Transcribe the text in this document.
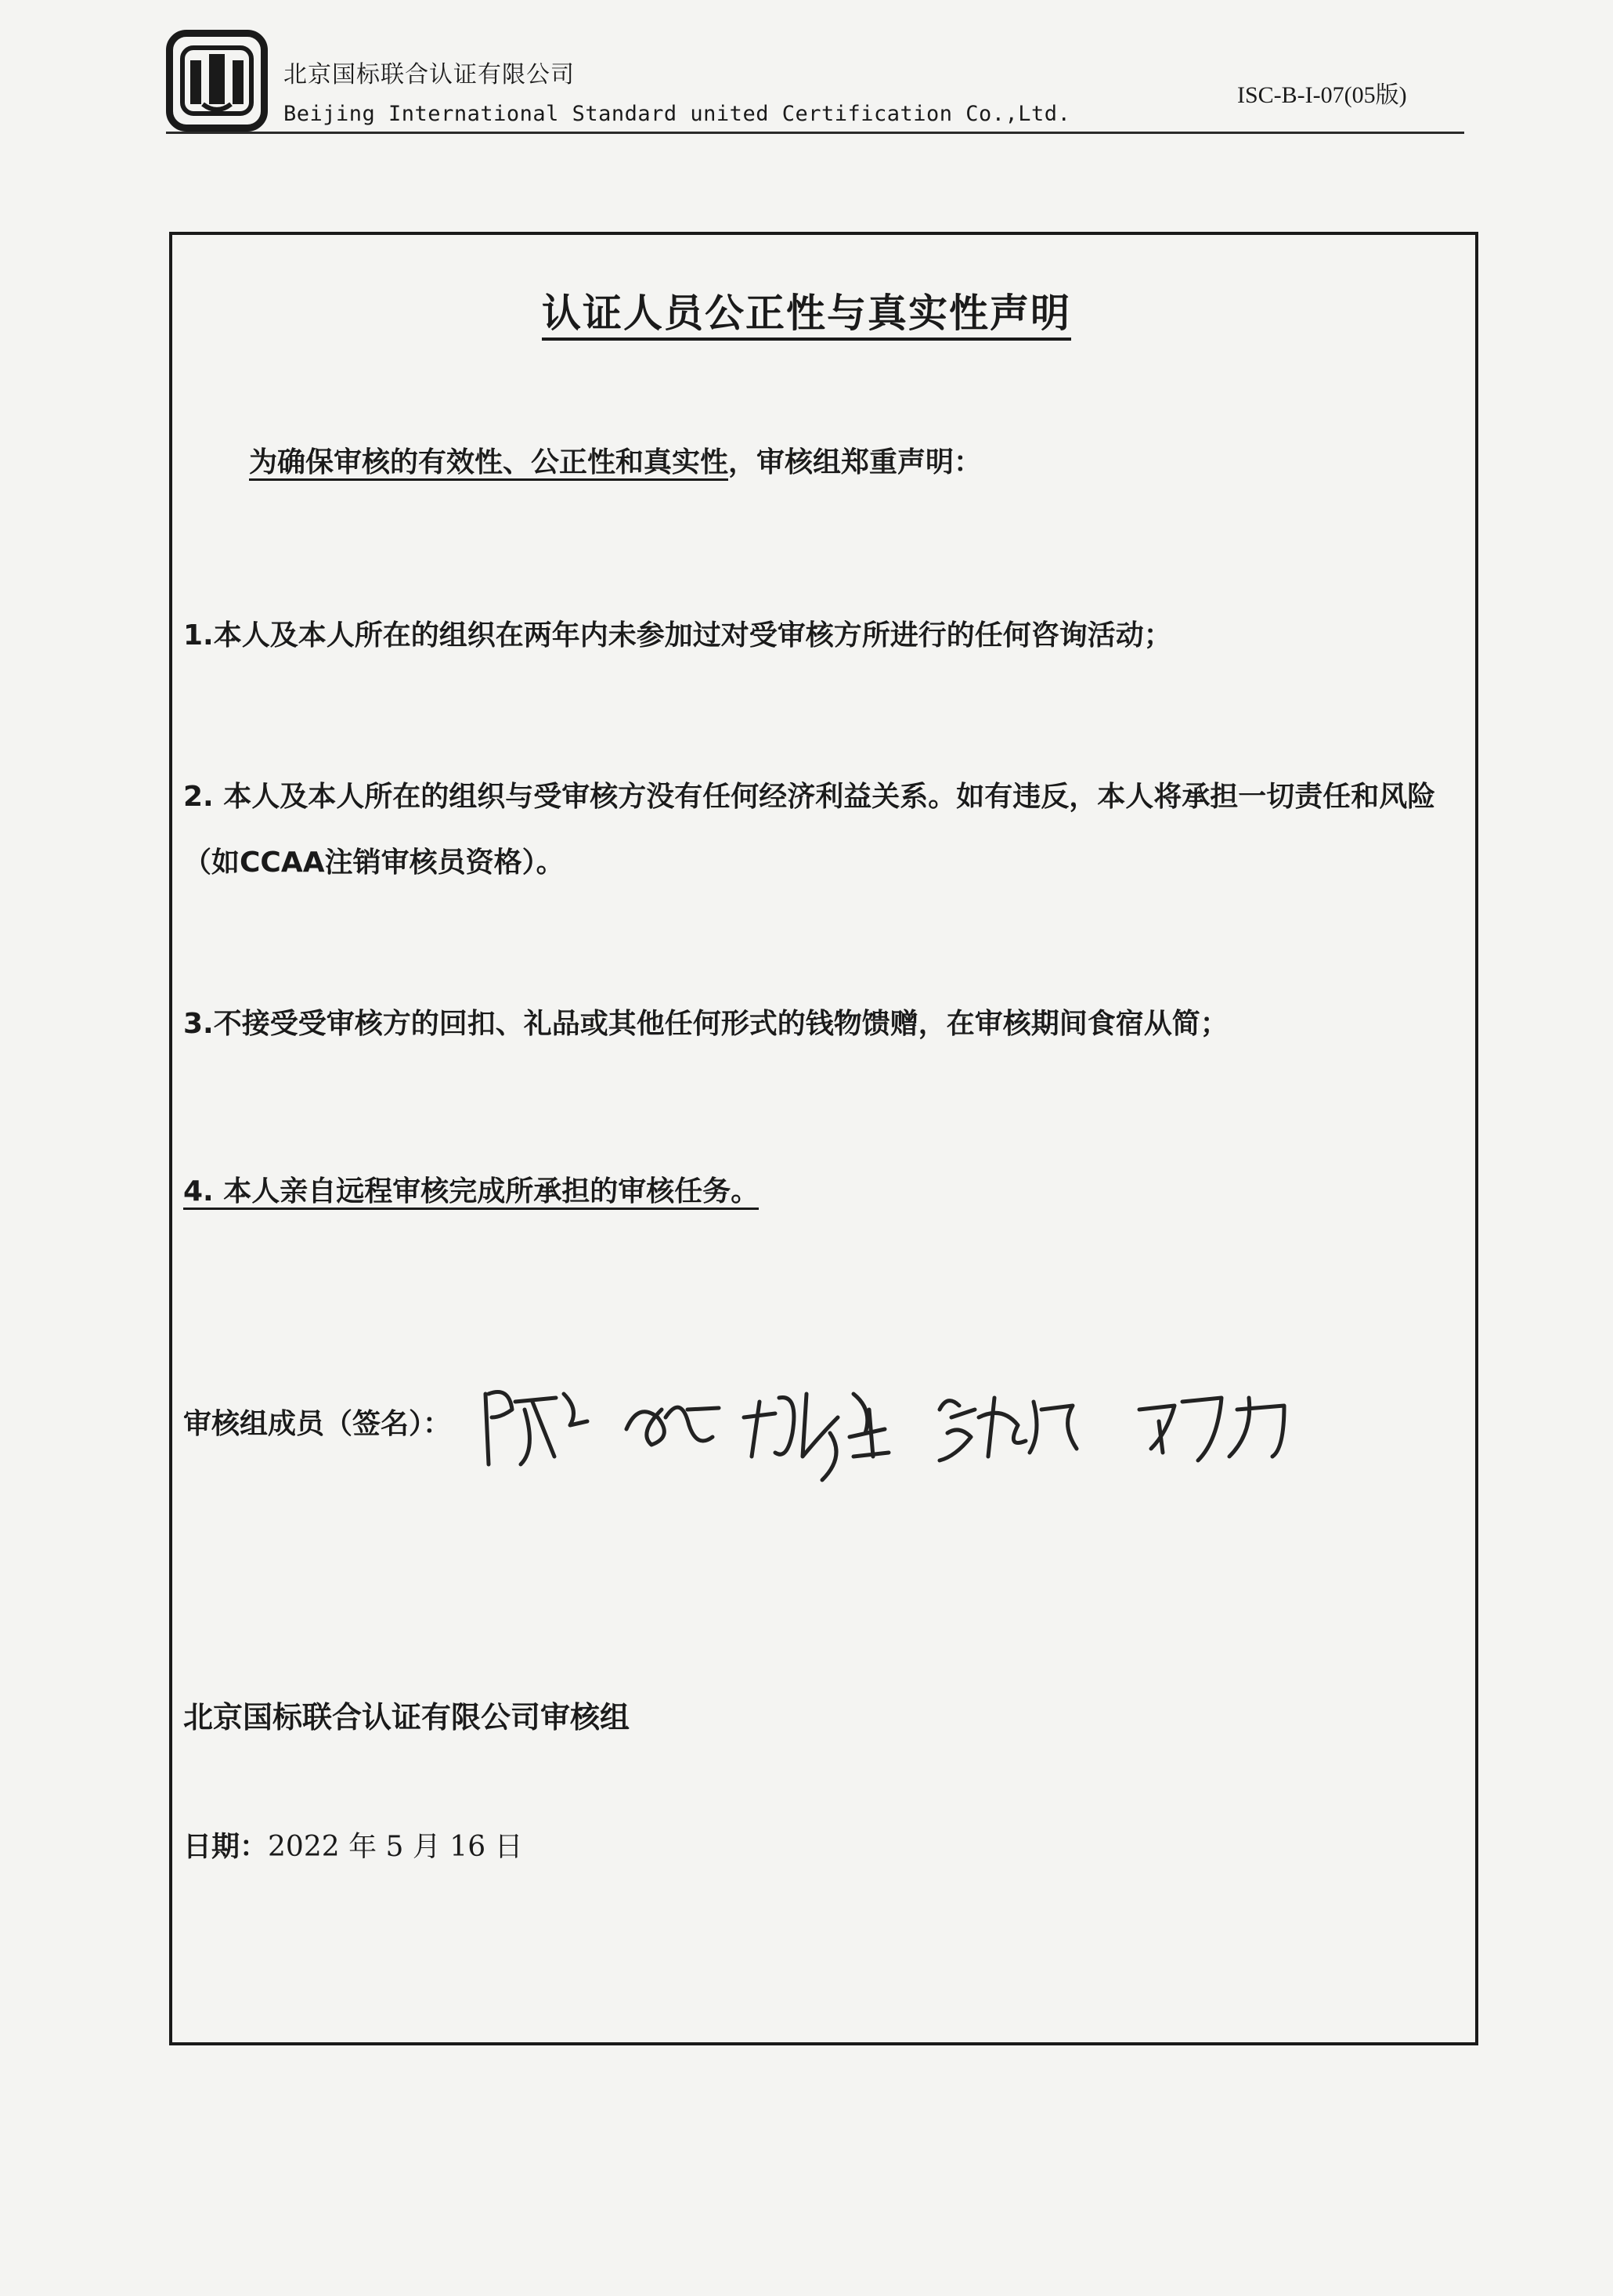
北京国标联合认证有限公司
Beijing International Standard united Certification Co.,Ltd.
ISC-B-I-07(05版)
认证人员公正性与真实性声明
为确保审核的有效性、公正性和真实性，审核组郑重声明：
1.本人及本人所在的组织在两年内未参加过对受审核方所进行的任何咨询活动；
2. 本人及本人所在的组织与受审核方没有任何经济利益关系。如有违反，本人将承担一切责任和风险（如CCAA注销审核员资格）。
3.不接受受审核方的回扣、礼品或其他任何形式的钱物馈赠，在审核期间食宿从简；
4. 本人亲自远程审核完成所承担的审核任务。
审核组成员（签名）：
北京国标联合认证有限公司审核组
日期：2022 年 5 月 16 日
